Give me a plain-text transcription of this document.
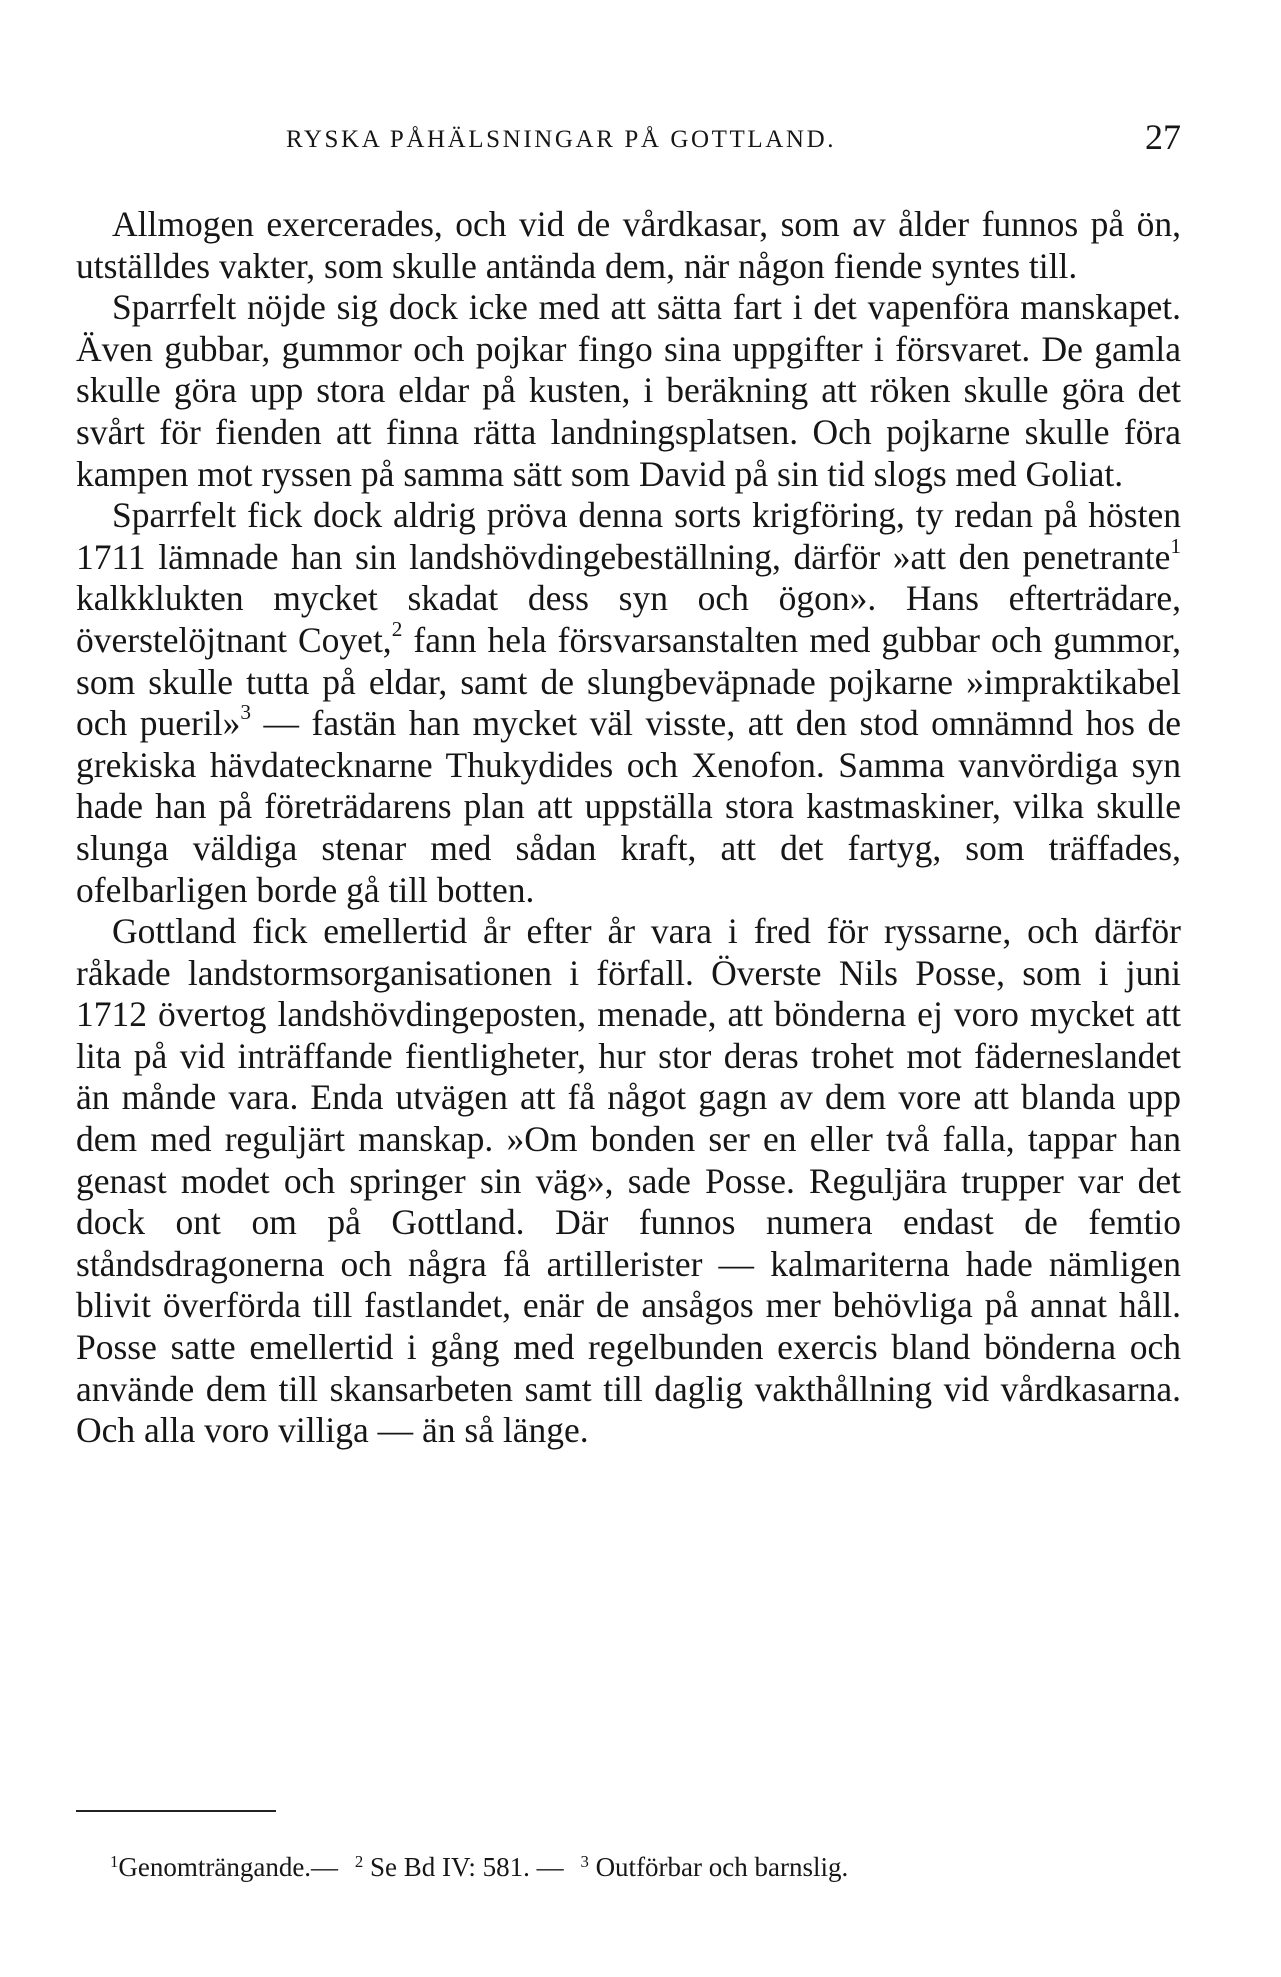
RYSKA PÅHÄLSNINGAR PÅ GOTTLAND.	27

Allmogen exercerades, och vid de vårdkasar, som av ålder funnos på ön, utställdes vakter, som skulle antända dem, när någon fiende syntes till.

Sparrfelt nöjde sig dock icke med att sätta fart i det vapenföra manskapet. Även gubbar, gummor och pojkar fingo sina uppgifter i försvaret. De gamla skulle göra upp stora eldar på kusten, i beräkning att röken skulle göra det svårt för fienden att finna rätta landningsplatsen. Och pojkarne skulle föra kampen mot ryssen på samma sätt som David på sin tid slogs med Goliat.

Sparrfelt fick dock aldrig pröva denna sorts krigföring, ty redan på hösten 1711 lämnade han sin landshövdingebeställning, därför »att den penetrante$^1$ kalkklukten mycket skadat dess syn och ögon». Hans efterträdare, överstelöjtnant Coyet,$^2$ fann hela försvarsanstalten med gubbar och gummor, som skulle tutta på eldar, samt de slungbeväpnade pojkarne »impraktikabel och pueril»$^3$ — fastän han mycket väl visste, att den stod omnämnd hos de grekiska hävdatecknarne Thukydides och Xenofon. Samma vanvördiga syn hade han på företrädarens plan att uppställa stora kastmaskiner, vilka skulle slunga väldiga stenar med sådan kraft, att det fartyg, som träffades, ofelbarligen borde gå till botten.

Gottland fick emellertid år efter år vara i fred för ryssarne, och därför råkade landstormsorganisationen i förfall. Överste Nils Posse, som i juni 1712 övertog landshövdingeposten, menade, att bönderna ej voro mycket att lita på vid inträffande fientligheter, hur stor deras trohet mot fäderneslandet än månde vara. Enda utvägen att få något gagn av dem vore att blanda upp dem med reguljärt manskap. »Om bonden ser en eller två falla, tappar han genast modet och springer sin väg», sade Posse. Reguljära trupper var det dock ont om på Gottland. Där funnos numera endast de femtio ståndsdragonerna och några få artillerister — kalmariterna hade nämligen blivit överförda till fastlandet, enär de ansågos mer behövliga på annat håll. Posse satte emellertid i gång med regelbunden exercis bland bönderna och använde dem till skansarbeten samt till daglig vakthållning vid vårdkasarna. Och alla voro villiga — än så länge.

$^1$Genomträngande.— $^2$ Se Bd IV: 581. — $^3$ Outförbar och barnslig.
